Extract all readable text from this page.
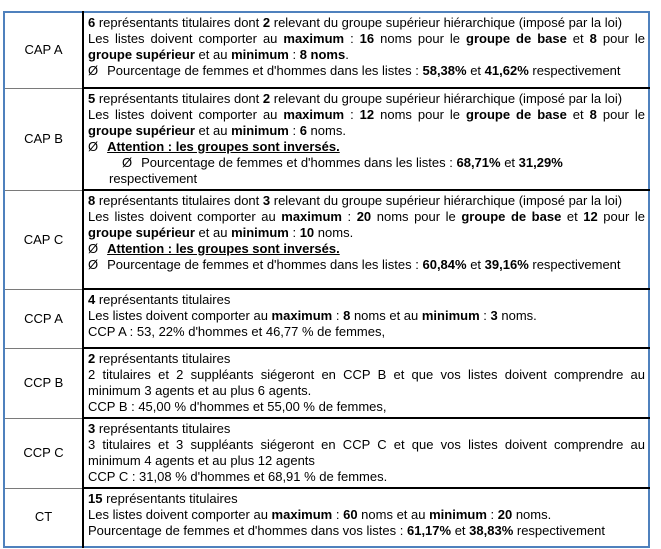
CAP A	6 représentants titulaires dont 2 relevant du groupe supérieur hiérarchique (imposé par la loi)
Les listes doivent comporter au maximum : 16 noms pour le groupe de base et 8 pour le groupe supérieur et au minimum : 8 noms.
Ø Pourcentage de femmes et d'hommes dans les listes : 58,38% et 41,62% respectivement

CAP B	5 représentants titulaires dont 2 relevant du groupe supérieur hiérarchique (imposé par la loi)
Les listes doivent comporter au maximum : 12 noms pour le groupe de base et 8 pour le groupe supérieur et au minimum : 6 noms.
Ø Attention : les groupes sont inversés.
Ø Pourcentage de femmes et d'hommes dans les listes : 68,71% et 31,29% respectivement

CAP C	8 représentants titulaires dont 3 relevant du groupe supérieur hiérarchique (imposé par la loi)
Les listes doivent comporter au maximum : 20 noms pour le groupe de base et 12 pour le groupe supérieur et au minimum : 10 noms.
Ø Attention : les groupes sont inversés.
Ø Pourcentage de femmes et d'hommes dans les listes : 60,84% et 39,16% respectivement

CCP A	4 représentants titulaires
Les listes doivent comporter au maximum : 8 noms et au minimum : 3 noms.
CCP A : 53, 22% d'hommes et 46,77 % de femmes,

CCP B	2 représentants titulaires
2 titulaires et 2 suppléants siégeront en CCP B et que vos listes doivent comprendre au minimum 3 agents et au plus 6 agents.
CCP B : 45,00 % d'hommes et 55,00 % de femmes,

CCP C	3 représentants titulaires
3 titulaires et 3 suppléants siégeront en CCP C et que vos listes doivent comprendre au minimum 4 agents et au plus 12 agents
CCP C : 31,08 % d'hommes et 68,91 % de femmes.

CT	15 représentants titulaires
Les listes doivent comporter au maximum : 60 noms et au minimum : 20 noms.
Pourcentage de femmes et d'hommes dans vos listes : 61,17% et 38,83% respectivement
